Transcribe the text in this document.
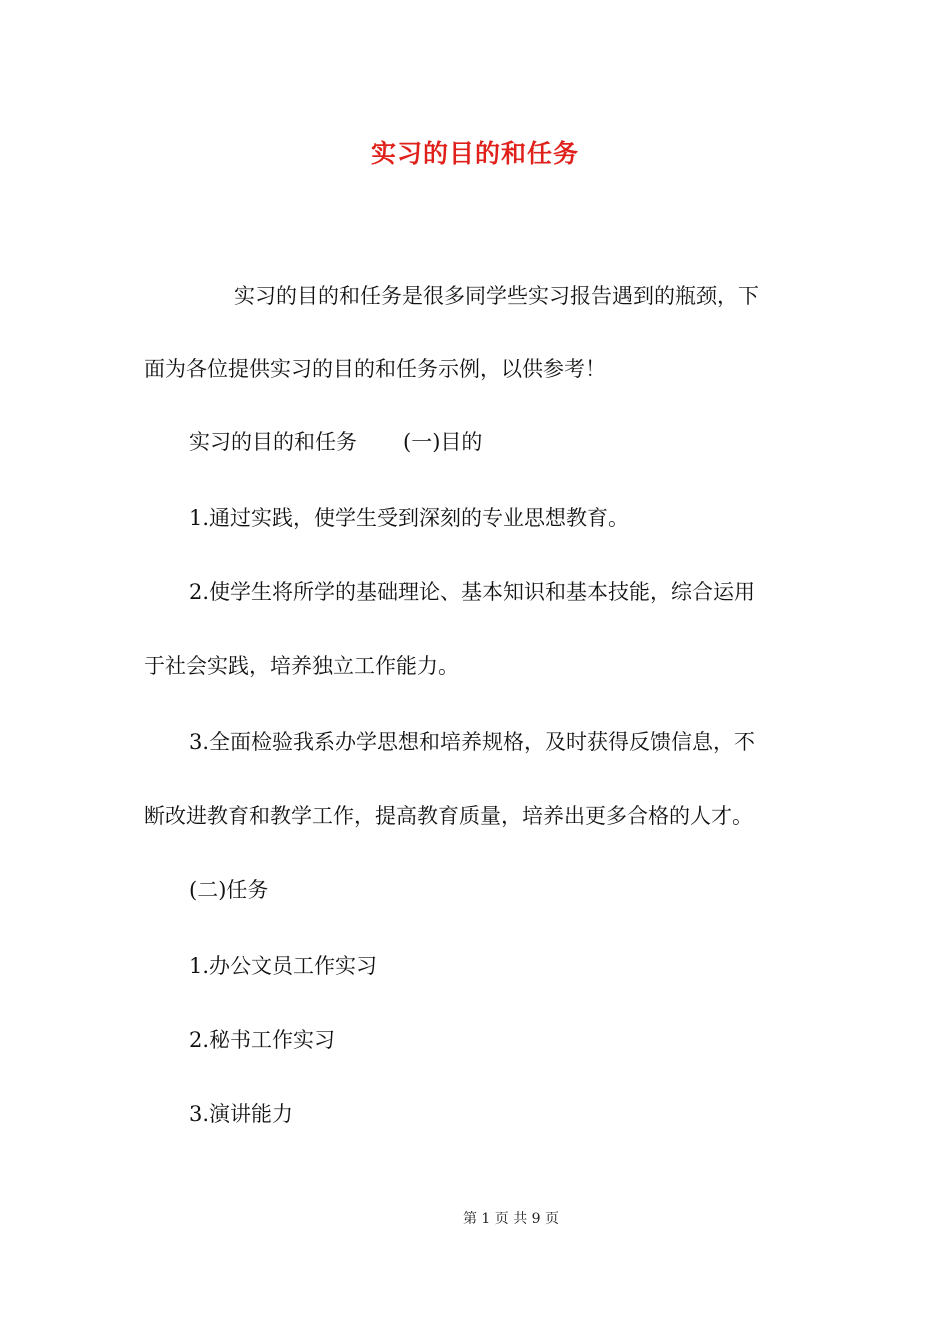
实习的目的和任务
实习的目的和任务是很多同学些实习报告遇到的瓶颈，下
面为各位提供实习的目的和任务示例，以供参考！
实习的目的和任务 (一)目的
1.通过实践，使学生受到深刻的专业思想教育。
2.使学生将所学的基础理论、基本知识和基本技能，综合运用
于社会实践，培养独立工作能力。
3.全面检验我系办学思想和培养规格，及时获得反馈信息，不
断改进教育和教学工作，提高教育质量，培养出更多合格的人才。
(二)任务
1.办公文员工作实习
2.秘书工作实习
3.演讲能力
第 1 页 共 9 页
